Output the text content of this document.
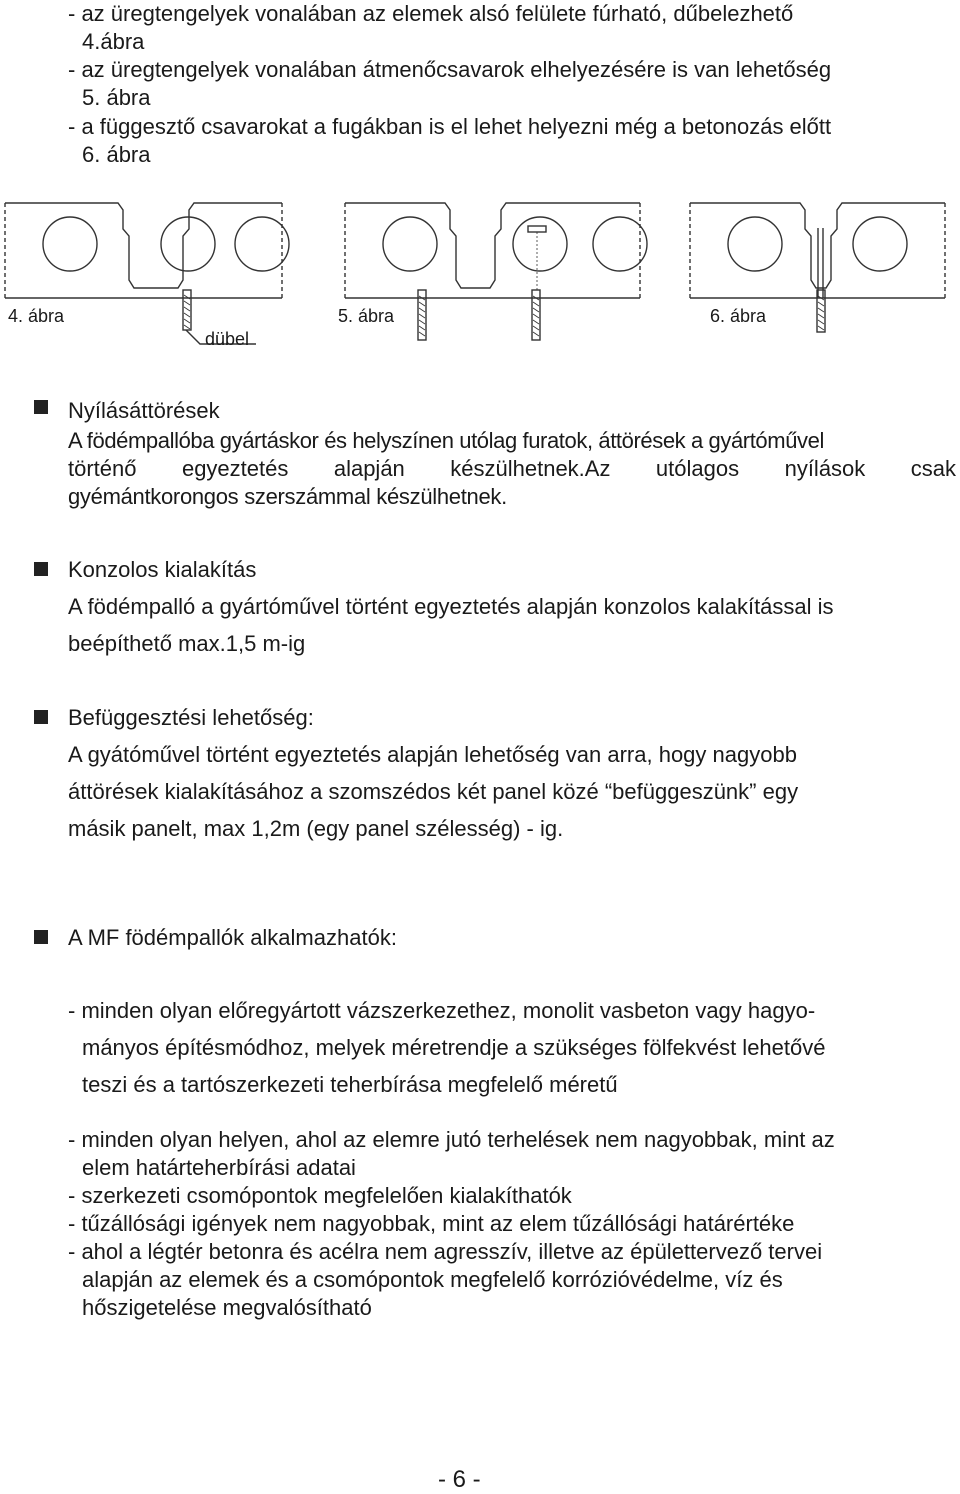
- az üregtengelyek vonalában az elemek alsó felülete fúrható, dűbelezhető
4.ábra
- az üregtengelyek vonalában átmenőcsavarok elhelyezésére is van lehetőség
5. ábra
- a függesztő csavarokat a fugákban is el lehet helyezni még a betonozás előtt
6. ábra
4. ábra	5. ábra	6. ábra
dübel
Nyílásáttörések
A födémpallóba gyártáskor és helyszínen utólag furatok, áttörések a gyártóművel
történő egyeztetés alapján készülhetnek.Az utólagos nyílások csak
gyémántkorongos szerszámmal készülhetnek.
Konzolos kialakítás
A födémpalló a gyártóművel történt egyeztetés alapján konzolos kalakítással is
beépíthető max.1,5 m-ig
Befüggesztési lehetőség:
A gyátóművel történt egyeztetés alapján lehetőség van arra, hogy nagyobb
áttörések kialakításához a szomszédos két panel közé “befüggeszünk” egy
másik panelt, max 1,2m (egy panel szélesség) - ig.
A MF födémpallók alkalmazhatók:
- minden olyan előregyártott vázszerkezethez, monolit vasbeton vagy hagyo-
mányos építésmódhoz, melyek méretrendje a szükséges fölfekvést lehetővé
teszi és a tartószerkezeti teherbírása megfelelő méretű
- minden olyan helyen, ahol az elemre jutó terhelések nem nagyobbak, mint az
elem határteherbírási adatai
- szerkezeti csomópontok megfelelően kialakíthatók
- tűzállósági igények nem nagyobbak, mint az elem tűzállósági határértéke
- ahol a légtér betonra és acélra nem agresszív, illetve az épülettervező tervei
alapján az elemek és a csomópontok megfelelő korrózióvédelme, víz és
hőszigetelése megvalósítható
- 6 -
